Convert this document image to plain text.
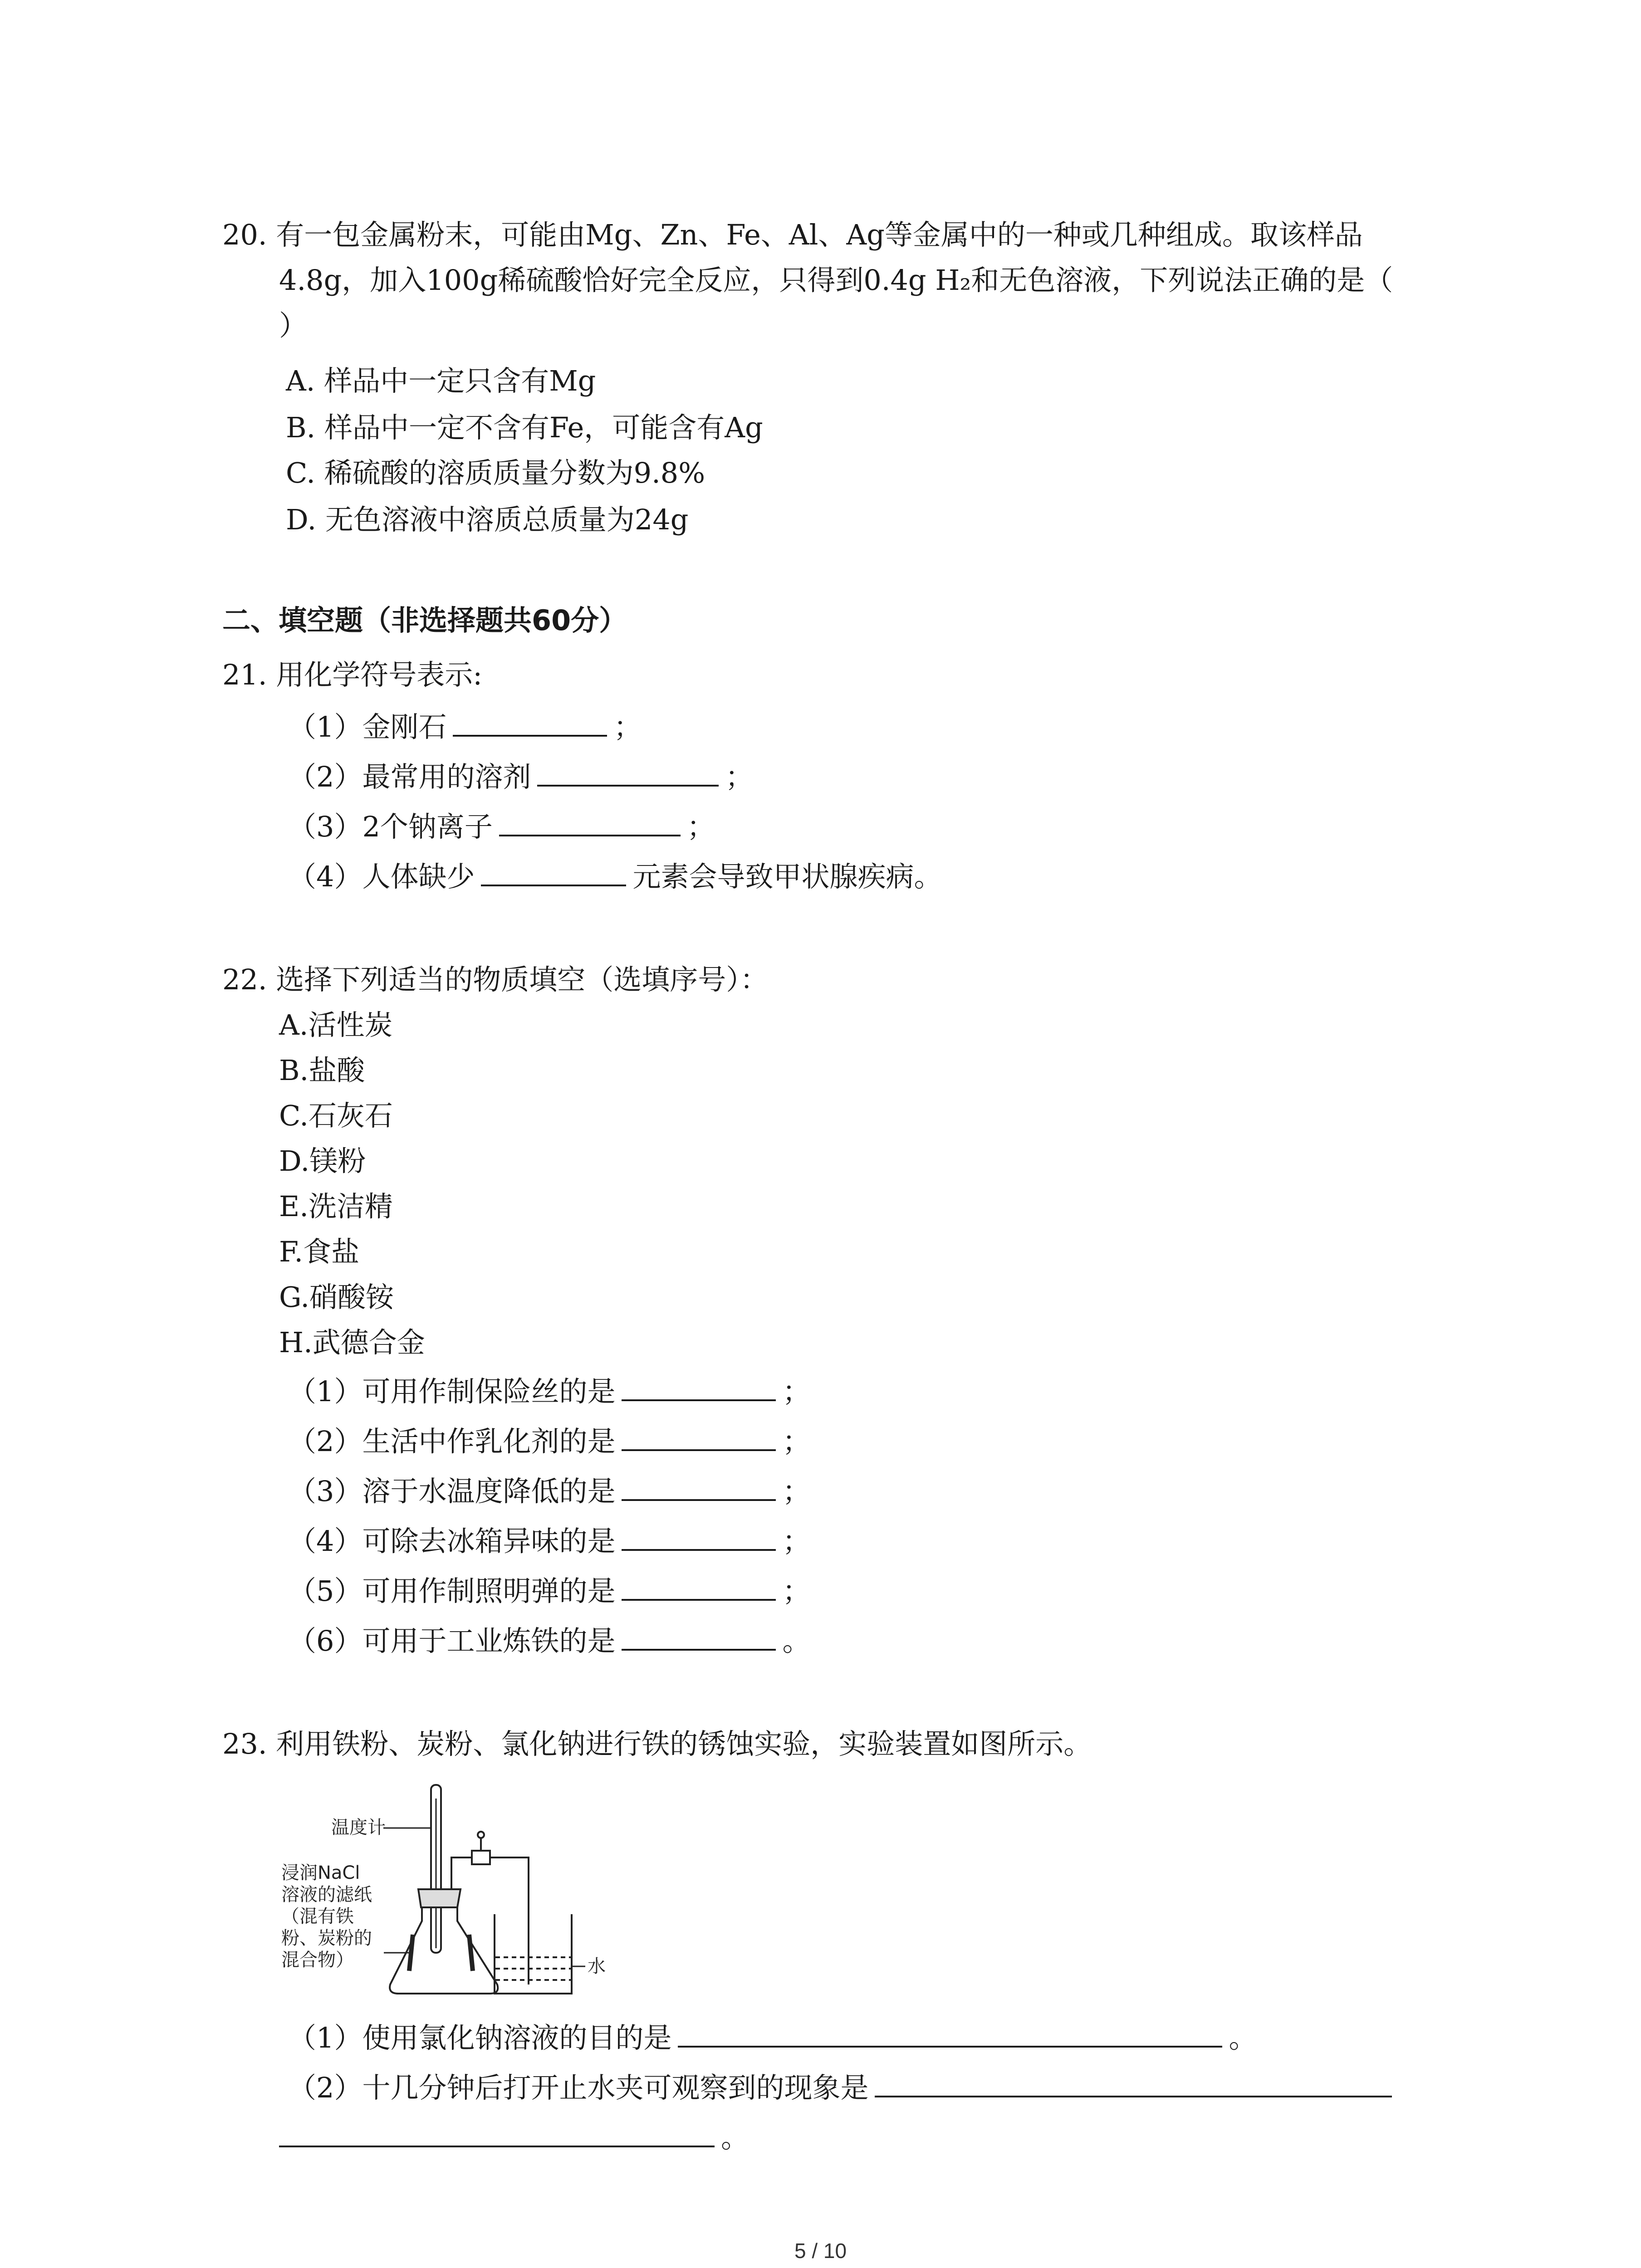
20. 有一包金属粉末，可能由Mg、Zn、Fe、Al、Ag等金属中的一种或几种组成。取该样品
4.8g，加入100g稀硫酸恰好完全反应，只得到0.4g H₂和无色溶液，下列说法正确的是（
）
A. 样品中一定只含有Mg
B. 样品中一定不含有Fe，可能含有Ag
C. 稀硫酸的溶质质量分数为9.8%
D. 无色溶液中溶质总质量为24g
二、填空题（非选择题共60分）
21. 用化学符号表示:
（1）金刚石	；
（2）最常用的溶剂	；
（3）2个钠离子	；
（4）人体缺少	元素会导致甲状腺疾病。
22. 选择下列适当的物质填空（选填序号）：
A.活性炭
B.盐酸
C.石灰石
D.镁粉
E.洗洁精
F.食盐
G.硝酸铵
H.武德合金
（1）可用作制保险丝的是	；
（2）生活中作乳化剂的是	；
（3）溶于水温度降低的是	；
（4）可除去冰箱异味的是	；
（5）可用作制照明弹的是	；
（6）可用于工业炼铁的是	。
23. 利用铁粉、炭粉、氯化钠进行铁的锈蚀实验，实验装置如图所示。
温度计
浸润NaCl
溶液的滤纸
（混有铁
粉、炭粉的
混合物）	水
（1）使用氯化钠溶液的目的是	。
（2）十几分钟后打开止水夹可观察到的现象是
。
5 / 10
